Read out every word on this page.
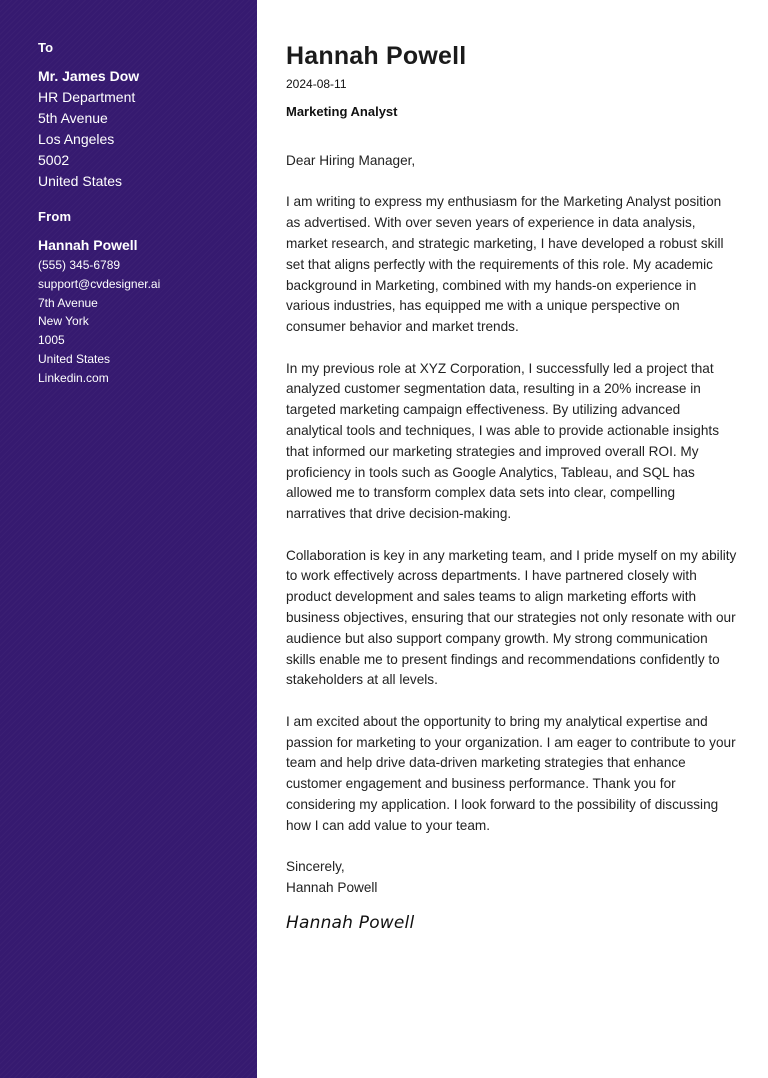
To
Mr. James Dow
HR Department
5th Avenue
Los Angeles
5002
United States
From
Hannah Powell
(555) 345-6789
support@cvdesigner.ai
7th Avenue
New York
1005
United States
Linkedin.com
Hannah Powell
2024-08-11
Marketing Analyst
Dear Hiring Manager,

I am writing to express my enthusiasm for the Marketing Analyst position as advertised. With over seven years of experience in data analysis, market research, and strategic marketing, I have developed a robust skill set that aligns perfectly with the requirements of this role. My academic background in Marketing, combined with my hands-on experience in various industries, has equipped me with a unique perspective on consumer behavior and market trends.

In my previous role at XYZ Corporation, I successfully led a project that analyzed customer segmentation data, resulting in a 20% increase in targeted marketing campaign effectiveness. By utilizing advanced analytical tools and techniques, I was able to provide actionable insights that informed our marketing strategies and improved overall ROI. My proficiency in tools such as Google Analytics, Tableau, and SQL has allowed me to transform complex data sets into clear, compelling narratives that drive decision-making.

Collaboration is key in any marketing team, and I pride myself on my ability to work effectively across departments. I have partnered closely with product development and sales teams to align marketing efforts with business objectives, ensuring that our strategies not only resonate with our audience but also support company growth. My strong communication skills enable me to present findings and recommendations confidently to stakeholders at all levels.

I am excited about the opportunity to bring my analytical expertise and passion for marketing to your organization. I am eager to contribute to your team and help drive data-driven marketing strategies that enhance customer engagement and business performance. Thank you for considering my application. I look forward to the possibility of discussing how I can add value to your team.

Sincerely,
Hannah Powell
Hannah Powell
